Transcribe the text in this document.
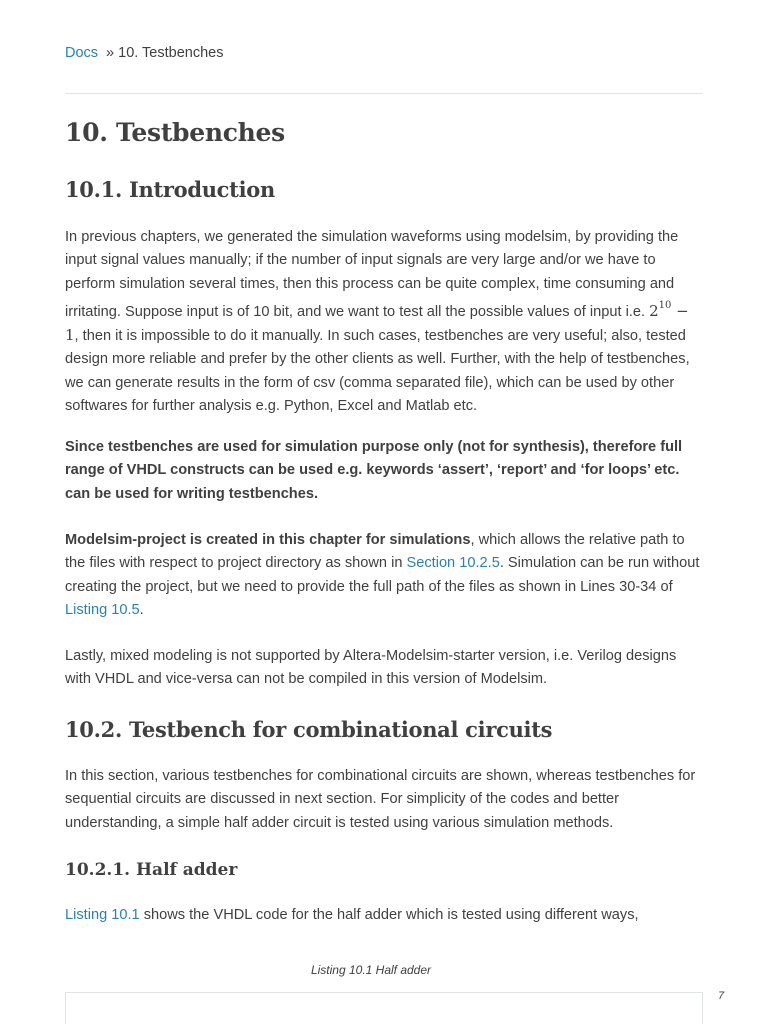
Docs » 10. Testbenches
10. Testbenches
10.1. Introduction

In previous chapters, we generated the simulation waveforms using modelsim, by providing the input signal values manually; if the number of input signals are very large and/or we have to perform simulation several times, then this process can be quite complex, time consuming and irritating. Suppose input is of 10 bit, and we want to test all the possible values of input i.e. $2^{10} - 1$, then it is impossible to do it manually. In such cases, testbenches are very useful; also, tested design more reliable and prefer by the other clients as well. Further, with the help of testbenches, we can generate results in the form of csv (comma separated file), which can be used by other softwares for further analysis e.g. Python, Excel and Matlab etc.

Since testbenches are used for simulation purpose only (not for synthesis), therefore full range of VHDL constructs can be used e.g. keywords ‘assert’, ‘report’ and ‘for loops’ etc. can be used for writing testbenches.

Modelsim-project is created in this chapter for simulations, which allows the relative path to the files with respect to project directory as shown in Section 10.2.5. Simulation can be run without creating the project, but we need to provide the full path of the files as shown in Lines 30-34 of Listing 10.5.

Lastly, mixed modeling is not supported by Altera-Modelsim-starter version, i.e. Verilog designs with VHDL and vice-versa can not be compiled in this version of Modelsim.

10.2. Testbench for combinational circuits

In this section, various testbenches for combinational circuits are shown, whereas testbenches for sequential circuits are discussed in next section. For simplicity of the codes and better understanding, a simple half adder circuit is tested using various simulation methods.

10.2.1. Half adder

Listing 10.1 shows the VHDL code for the half adder which is tested using different ways,

Listing 10.1 Half adder
7
